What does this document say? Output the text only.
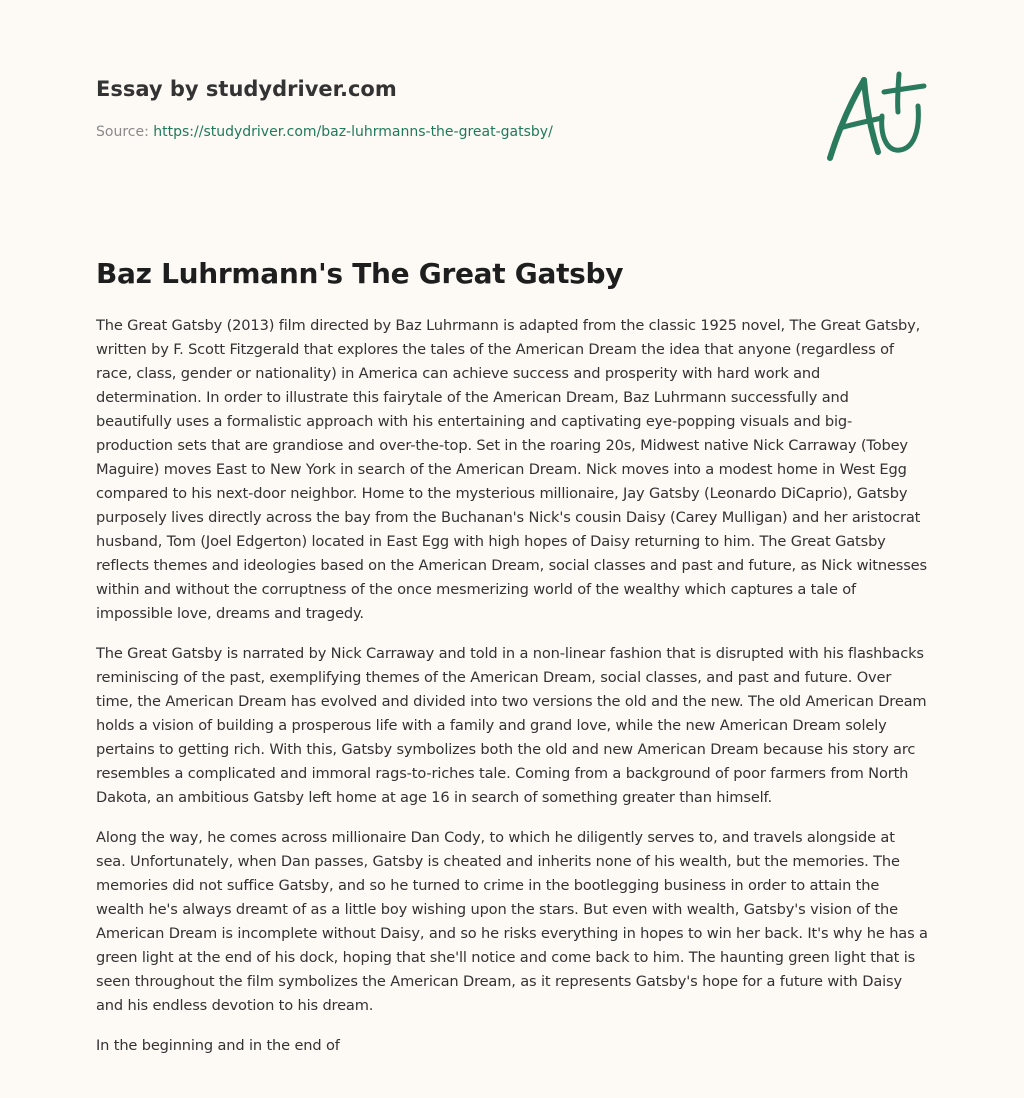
Essay by studydriver.com
Source: https://studydriver.com/baz-luhrmanns-the-great-gatsby/
Baz Luhrmann's The Great Gatsby

The Great Gatsby (2013) film directed by Baz Luhrmann is adapted from the classic 1925 novel, The Great Gatsby, written by F. Scott Fitzgerald that explores the tales of the American Dream the idea that anyone (regardless of race, class, gender or nationality) in America can achieve success and prosperity with hard work and determination. In order to illustrate this fairytale of the American Dream, Baz Luhrmann successfully and beautifully uses a formalistic approach with his entertaining and captivating eye-popping visuals and big-production sets that are grandiose and over-the-top. Set in the roaring 20s, Midwest native Nick Carraway (Tobey Maguire) moves East to New York in search of the American Dream. Nick moves into a modest home in West Egg compared to his next-door neighbor. Home to the mysterious millionaire, Jay Gatsby (Leonardo DiCaprio), Gatsby purposely lives directly across the bay from the Buchanan's Nick's cousin Daisy (Carey Mulligan) and her aristocrat husband, Tom (Joel Edgerton) located in East Egg with high hopes of Daisy returning to him. The Great Gatsby reflects themes and ideologies based on the American Dream, social classes and past and future, as Nick witnesses within and without the corruptness of the once mesmerizing world of the wealthy which captures a tale of impossible love, dreams and tragedy.

The Great Gatsby is narrated by Nick Carraway and told in a non-linear fashion that is disrupted with his flashbacks reminiscing of the past, exemplifying themes of the American Dream, social classes, and past and future. Over time, the American Dream has evolved and divided into two versions the old and the new. The old American Dream holds a vision of building a prosperous life with a family and grand love, while the new American Dream solely pertains to getting rich. With this, Gatsby symbolizes both the old and new American Dream because his story arc resembles a complicated and immoral rags-to-riches tale. Coming from a background of poor farmers from North Dakota, an ambitious Gatsby left home at age 16 in search of something greater than himself.

Along the way, he comes across millionaire Dan Cody, to which he diligently serves to, and travels alongside at sea. Unfortunately, when Dan passes, Gatsby is cheated and inherits none of his wealth, but the memories. The memories did not suffice Gatsby, and so he turned to crime in the bootlegging business in order to attain the wealth he's always dreamt of as a little boy wishing upon the stars. But even with wealth, Gatsby's vision of the American Dream is incomplete without Daisy, and so he risks everything in hopes to win her back. It's why he has a green light at the end of his dock, hoping that she'll notice and come back to him. The haunting green light that is seen throughout the film symbolizes the American Dream, as it represents Gatsby's hope for a future with Daisy and his endless devotion to his dream.

In the beginning and in the end of
